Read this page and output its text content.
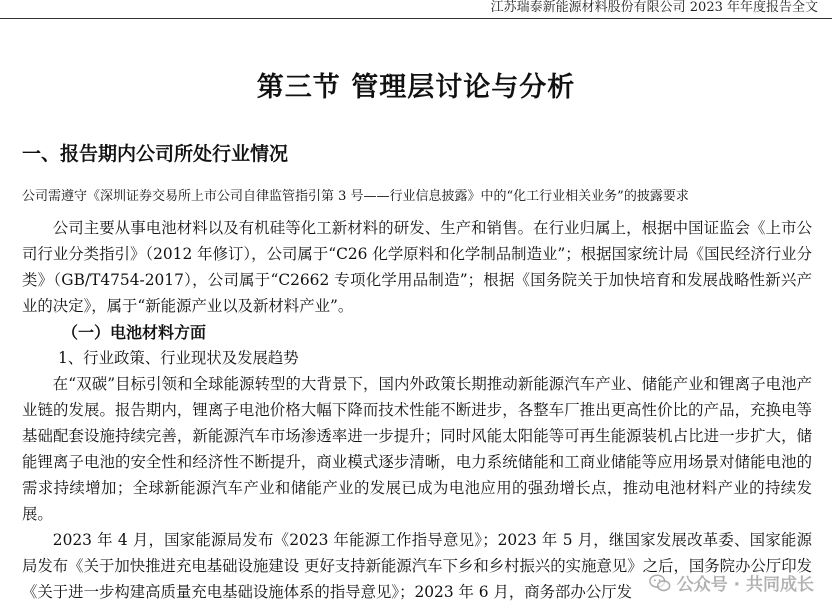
江苏瑞泰新能源材料股份有限公司 2023 年年度报告全文
第三节 管理层讨论与分析
一、报告期内公司所处行业情况
公司需遵守《深圳证券交易所上市公司自律监管指引第 3 号——行业信息披露》中的“化工行业相关业务”的披露要求

公司主要从事电池材料以及有机硅等化工新材料的研发、生产和销售。在行业归属上，根据中国证监会《上市公司行业分类指引》（2012 年修订），公司属于“C26 化学原料和化学制品制造业”；根据国家统计局《国民经济行业分类》（GB/T4754-2017），公司属于“C2662 专项化学用品制造”；根据《国务院关于加快培育和发展战略性新兴产业的决定》，属于“新能源产业以及新材料产业”。

（一）电池材料方面
1、行业政策、行业现状及发展趋势

在“双碳”目标引领和全球能源转型的大背景下，国内外政策长期推动新能源汽车产业、储能产业和锂离子电池产业链的发展。报告期内，锂离子电池价格大幅下降而技术性能不断进步，各整车厂推出更高性价比的产品，充换电等基础配套设施持续完善，新能源汽车市场渗透率进一步提升；同时风能太阳能等可再生能源装机占比进一步扩大，储能锂离子电池的安全性和经济性不断提升，商业模式逐步清晰，电力系统储能和工商业储能等应用场景对储能电池的需求持续增加；全球新能源汽车产业和储能产业的发展已成为电池应用的强劲增长点，推动电池材料产业的持续发展。

2023 年 4 月，国家能源局发布《2023 年能源工作指导意见》；2023 年 5 月，继国家发展改革委、国家能源局发布《关于加快推进充电基础设施建设 更好支持新能源汽车下乡和乡村振兴的实施意见》之后，国务院办公厅印发《关于进一步构建高质量充电基础设施体系的指导意见》；2023 年 6 月，商务部办公厅发	公众号 · 共同成长
